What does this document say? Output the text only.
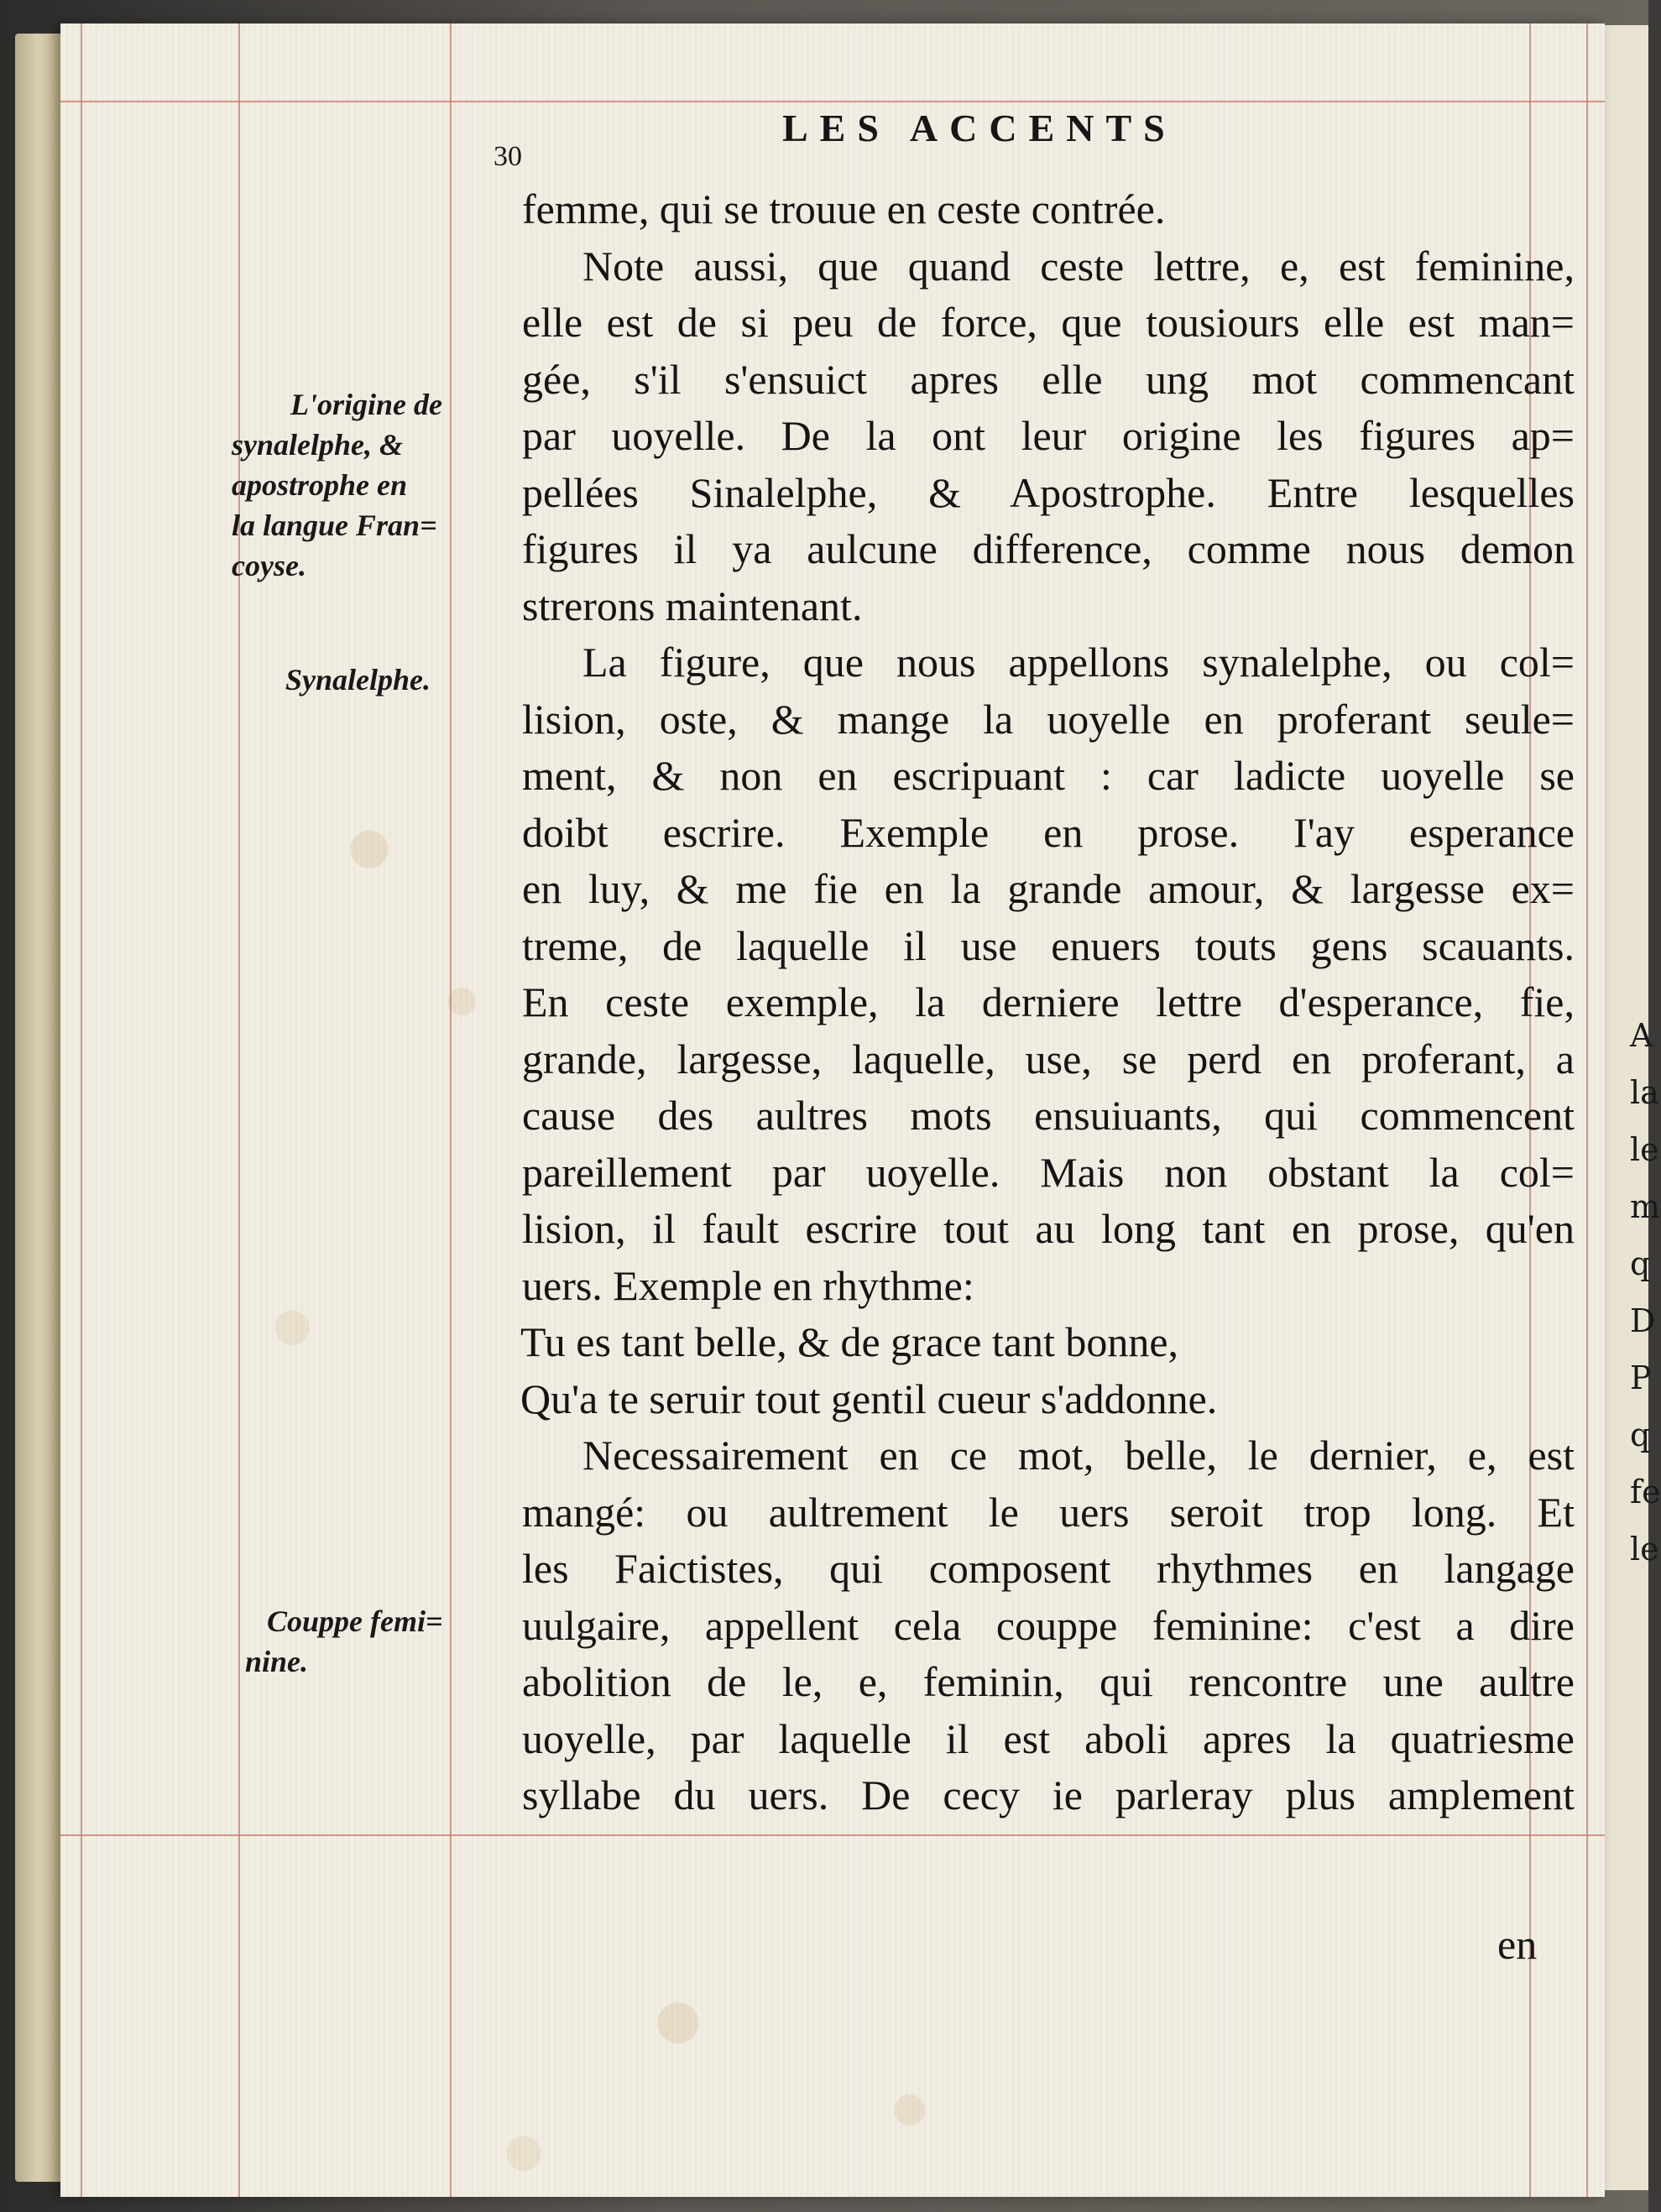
A
la
le
m
q
D
P
q
fe
le
LES ACCENTS
30
L'origine de
synalelphe, &
apostrophe en
la langue Fran=
coyse.
Synalelphe.
Couppe femi=
nine.
femme, qui se trouue en ceste contrée.
Note aussi, que quand ceste lettre, e, est feminine,
elle est de si peu de force, que tousiours elle est man=
gée, s'il s'ensuict apres elle ung mot commencant
par uoyelle. De la ont leur origine les figures ap=
pellées Sinalelphe, & Apostrophe. Entre lesquelles
figures il ya aulcune difference, comme nous demon
strerons maintenant.
La figure, que nous appellons synalelphe, ou col=
lision, oste, & mange la uoyelle en proferant seule=
ment, & non en escripuant : car ladicte uoyelle se
doibt escrire. Exemple en prose. I'ay esperance
en luy, & me fie en la grande amour, & largesse ex=
treme, de laquelle il use enuers touts gens scauants.
En ceste exemple, la derniere lettre d'esperance, fie,
grande, largesse, laquelle, use, se perd en proferant, a
cause des aultres mots ensuiuants, qui commencent
pareillement par uoyelle. Mais non obstant la col=
lision, il fault escrire tout au long tant en prose, qu'en
uers. Exemple en rhythme:
Tu es tant belle, & de grace tant bonne,
Qu'a te seruir tout gentil cueur s'addonne.
Necessairement en ce mot, belle, le dernier, e, est
mangé: ou aultrement le uers seroit trop long. Et
les Faictistes, qui composent rhythmes en langage
uulgaire, appellent cela couppe feminine: c'est a dire
abolition de le, e, feminin, qui rencontre une aultre
uoyelle, par laquelle il est aboli apres la quatriesme
syllabe du uers. De cecy ie parleray plus amplement
en
